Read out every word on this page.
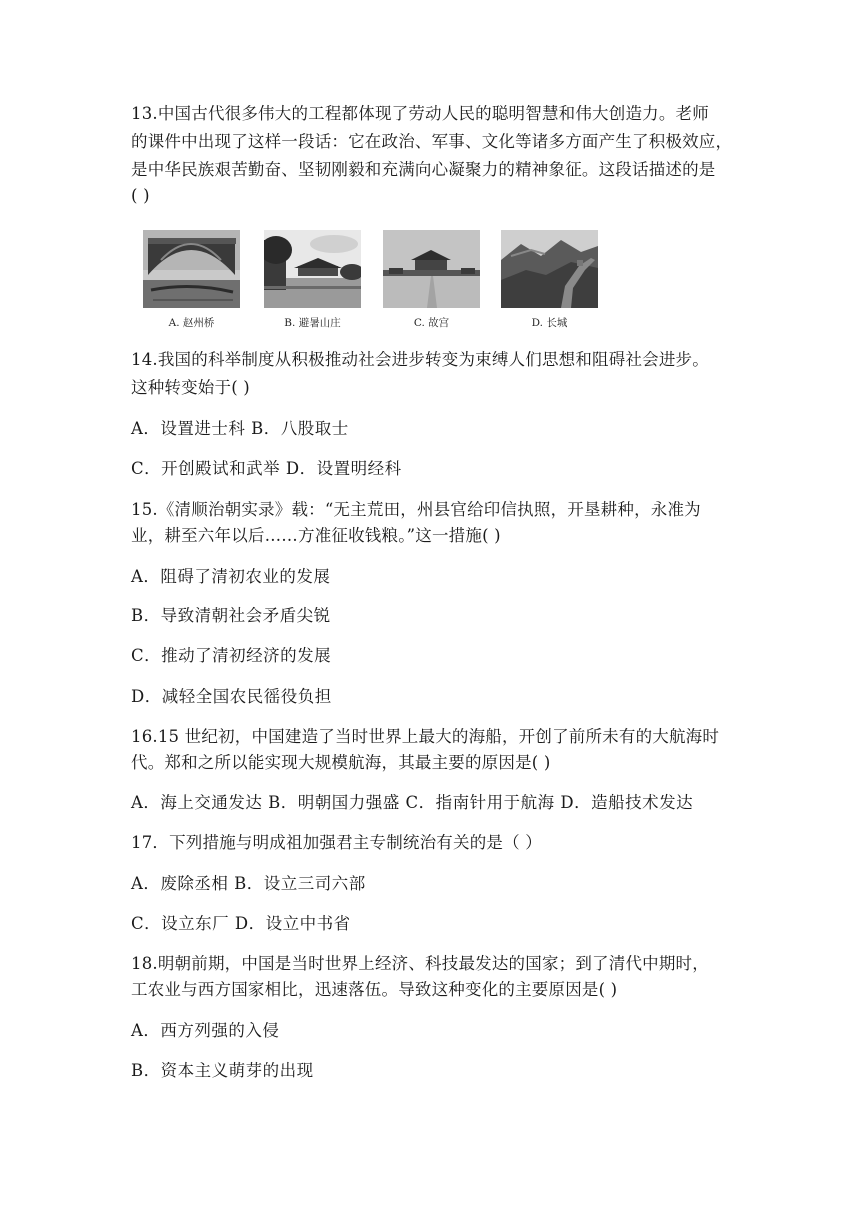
13.中国古代很多伟大的工程都体现了劳动人民的聪明智慧和伟大创造力。老师
的课件中出现了这样一段话：它在政治、军事、文化等诸多方面产生了积极效应，
是中华民族艰苦勤奋、坚韧刚毅和充满向心凝聚力的精神象征。这段话描述的是
( )
A. 赵州桥	B. 避暑山庄	C. 故宫	D. 长城
14.我国的科举制度从积极推动社会进步转变为束缚人们思想和阻碍社会进步。
这种转变始于( )
A．设置进士科 B．八股取士
C．开创殿试和武举 D．设置明经科
15.《清顺治朝实录》载：“无主荒田，州县官给印信执照，开垦耕种，永准为
业，耕至六年以后……方准征收钱粮。”这一措施( )
A．阻碍了清初农业的发展
B．导致清朝社会矛盾尖锐
C．推动了清初经济的发展
D．减轻全国农民徭役负担
16.15 世纪初，中国建造了当时世界上最大的海船，开创了前所未有的大航海时
代。郑和之所以能实现大规模航海，其最主要的原因是( )
A．海上交通发达 B．明朝国力强盛 C．指南针用于航海 D．造船技术发达
17．下列措施与明成祖加强君主专制统治有关的是（ ）
A．废除丞相 B．设立三司六部
C．设立东厂 D．设立中书省
18.明朝前期，中国是当时世界上经济、科技最发达的国家；到了清代中期时，
工农业与西方国家相比，迅速落伍。导致这种变化的主要原因是( )
A．西方列强的入侵
B．资本主义萌芽的出现
